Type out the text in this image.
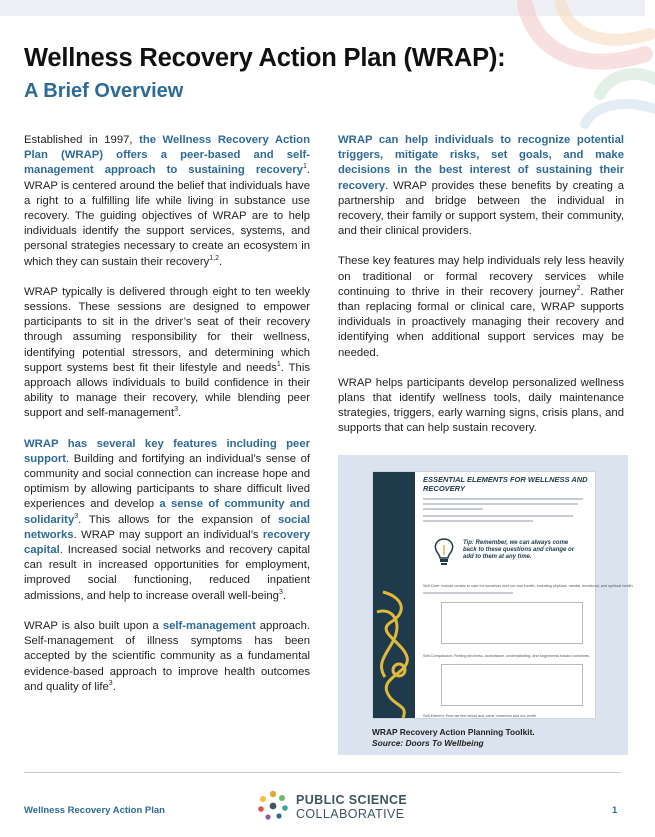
Wellness Recovery Action Plan (WRAP):
A Brief Overview

Established in 1997, the Wellness Recovery Action Plan (WRAP) offers a peer-based and self-management approach to sustaining recovery$^1$. WRAP is centered around the belief that individuals have a right to a fulfilling life while living in substance use recovery. The guiding objectives of WRAP are to help individuals identify the support services, systems, and personal strategies necessary to create an ecosystem in which they can sustain their recovery$^{1,2}$.

WRAP typically is delivered through eight to ten weekly sessions. These sessions are designed to empower participants to sit in the driver’s seat of their recovery through assuming responsibility for their wellness, identifying potential stressors, and determining which support systems best fit their lifestyle and needs$^1$. This approach allows individuals to build confidence in their ability to manage their recovery, while blending peer support and self-management$^3$.

WRAP has several key features including peer support. Building and fortifying an individual’s sense of community and social connection can increase hope and optimism by allowing participants to share difficult lived experiences and develop a sense of community and solidarity$^3$. This allows for the expansion of social networks. WRAP may support an individual’s recovery capital. Increased social networks and recovery capital can result in increased opportunities for employment, improved social functioning, reduced inpatient admissions, and help to increase overall well-being$^3$.

WRAP is also built upon a self-management approach. Self-management of illness symptoms has been accepted by the scientific community as a fundamental evidence-based approach to improve health outcomes and quality of life$^3$.

WRAP can help individuals to recognize potential triggers, mitigate risks, set goals, and make decisions in the best interest of sustaining their recovery. WRAP provides these benefits by creating a partnership and bridge between the individual in recovery, their family or support system, their community, and their clinical providers.

These key features may help individuals rely less heavily on traditional or formal recovery services while continuing to thrive in their recovery journey$^2$. Rather than replacing formal or clinical care, WRAP supports individuals in proactively managing their recovery and identifying when additional support services may be needed.

WRAP helps participants develop personalized wellness plans that identify wellness tools, daily maintenance strategies, triggers, early warning signs, crisis plans, and supports that can help sustain recovery.

ESSENTIAL ELEMENTS FOR WELLNESS AND RECOVERY
Tip: Remember, we can always come back to these questions and change or add to them at any time.
Self-Care: Include certain to care for ourselves and our own health, including physical, mental, emotional, and spiritual health.
Self-Compassion: Feeling kindness, acceptance, understanding, and forgiveness toward ourselves.
Self-Esteem: How we feel about and value ourselves and our worth
WRAP Recovery Action Planning Toolkit.
Source: Doors To Wellbeing
Wellness Recovery Action Plan
PUBLIC SCIENCE
COLLABORATIVE	1
